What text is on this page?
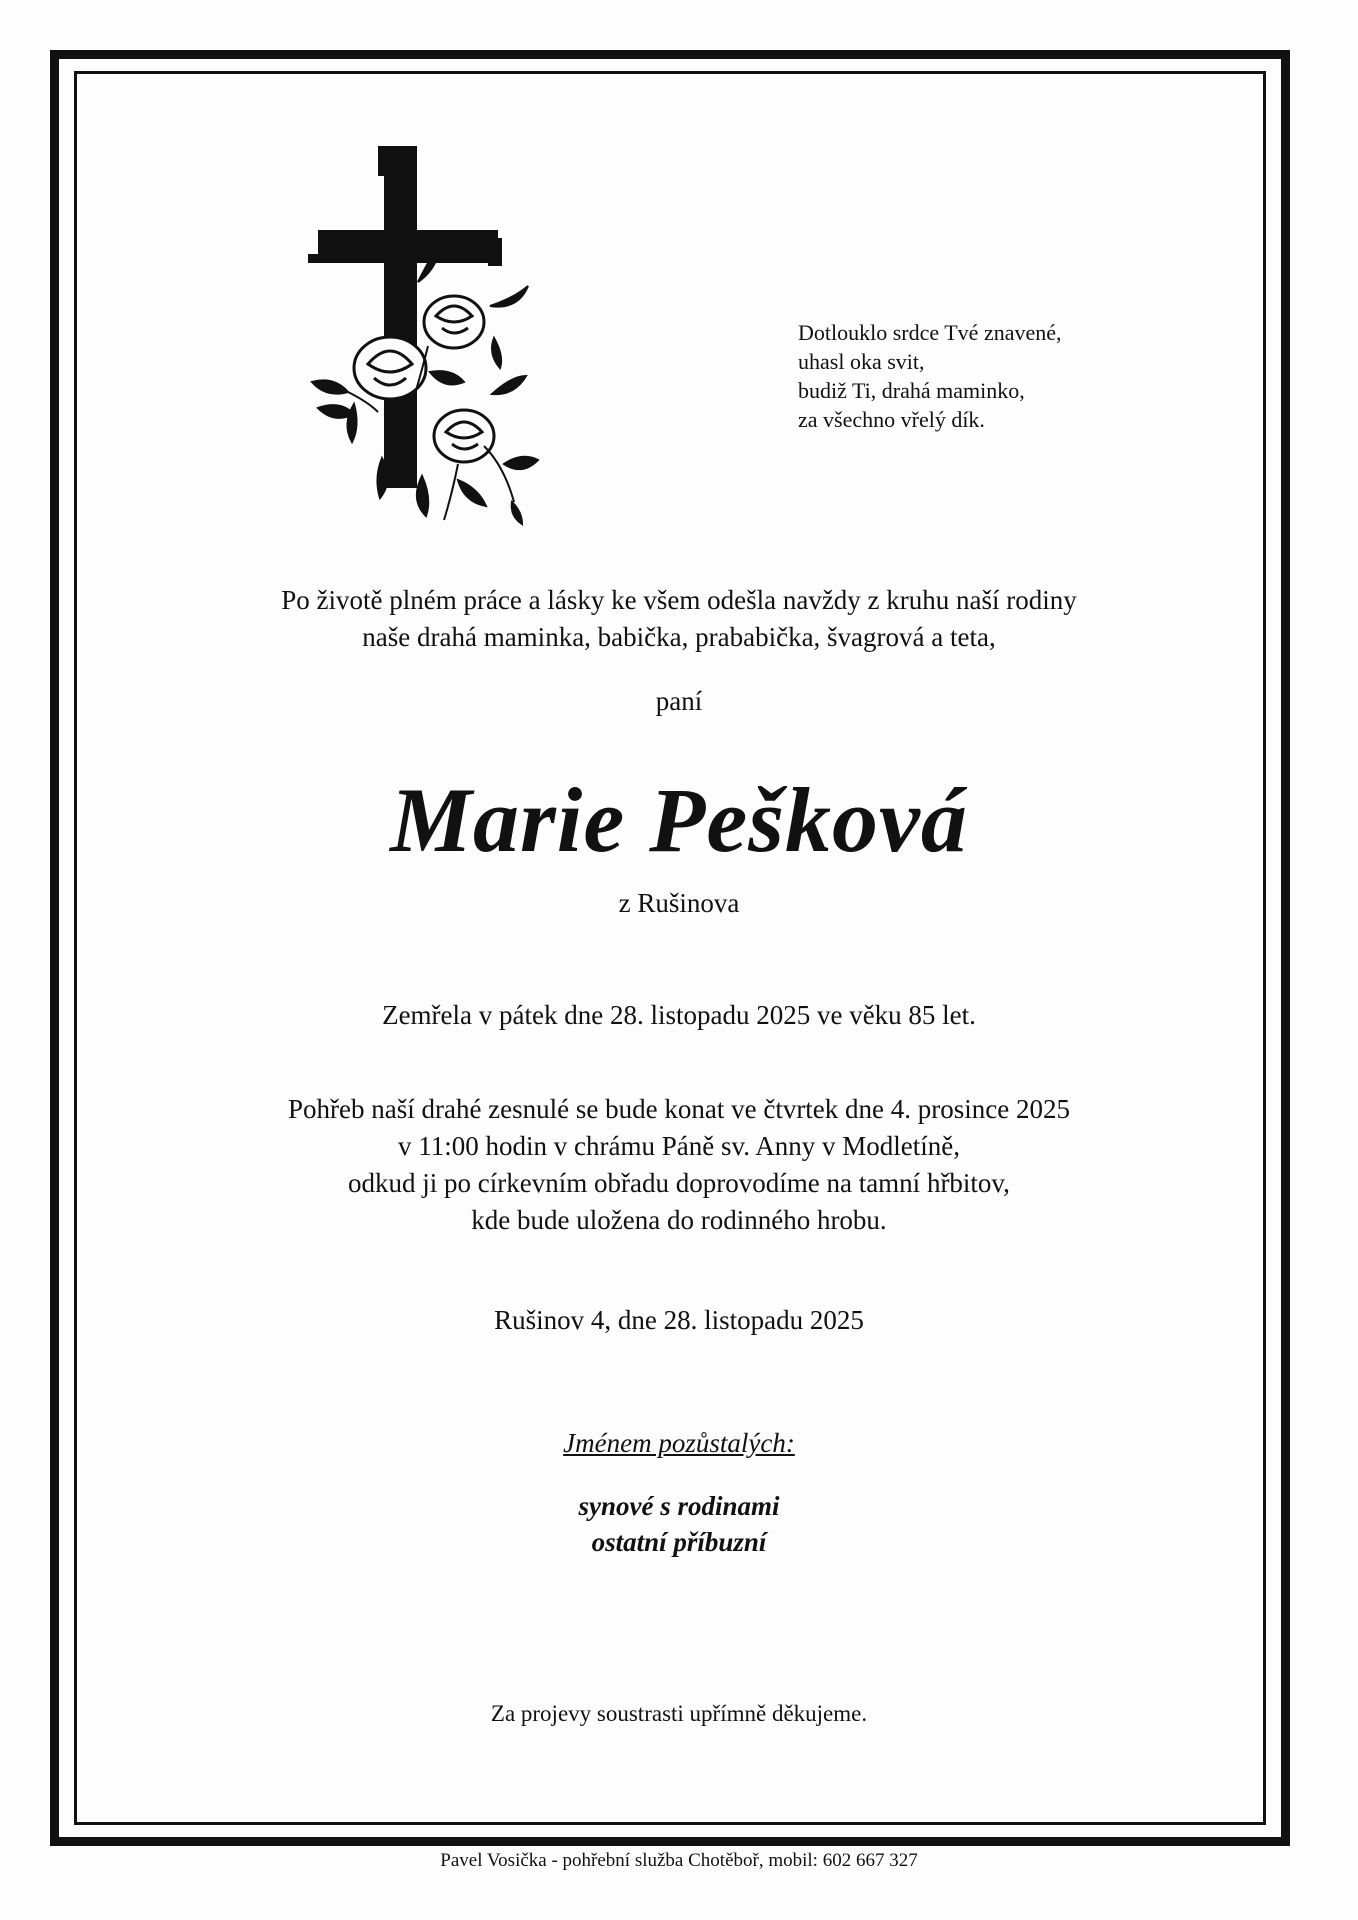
Dotlouklo srdce Tvé znavené,
uhasl oka svit,
budiž Ti, drahá maminko,
za všechno vřelý dík.
Po životě plném práce a lásky ke všem odešla navždy z kruhu naší rodiny
naše drahá maminka, babička, prababička, švagrová a teta,
paní
Marie Pešková
z Rušinova
Zemřela v pátek dne 28. listopadu 2025 ve věku 85 let.
Pohřeb naší drahé zesnulé se bude konat ve čtvrtek dne 4. prosince 2025
v 11:00 hodin v chrámu Páně sv. Anny v Modletíně,
odkud ji po církevním obřadu doprovodíme na tamní hřbitov,
kde bude uložena do rodinného hrobu.
Rušinov 4, dne 28. listopadu 2025
Jménem pozůstalých:
synové s rodinami
ostatní příbuzní
Za projevy soustrasti upřímně děkujeme.
Pavel Vosička - pohřební služba Chotěboř, mobil: 602 667 327
